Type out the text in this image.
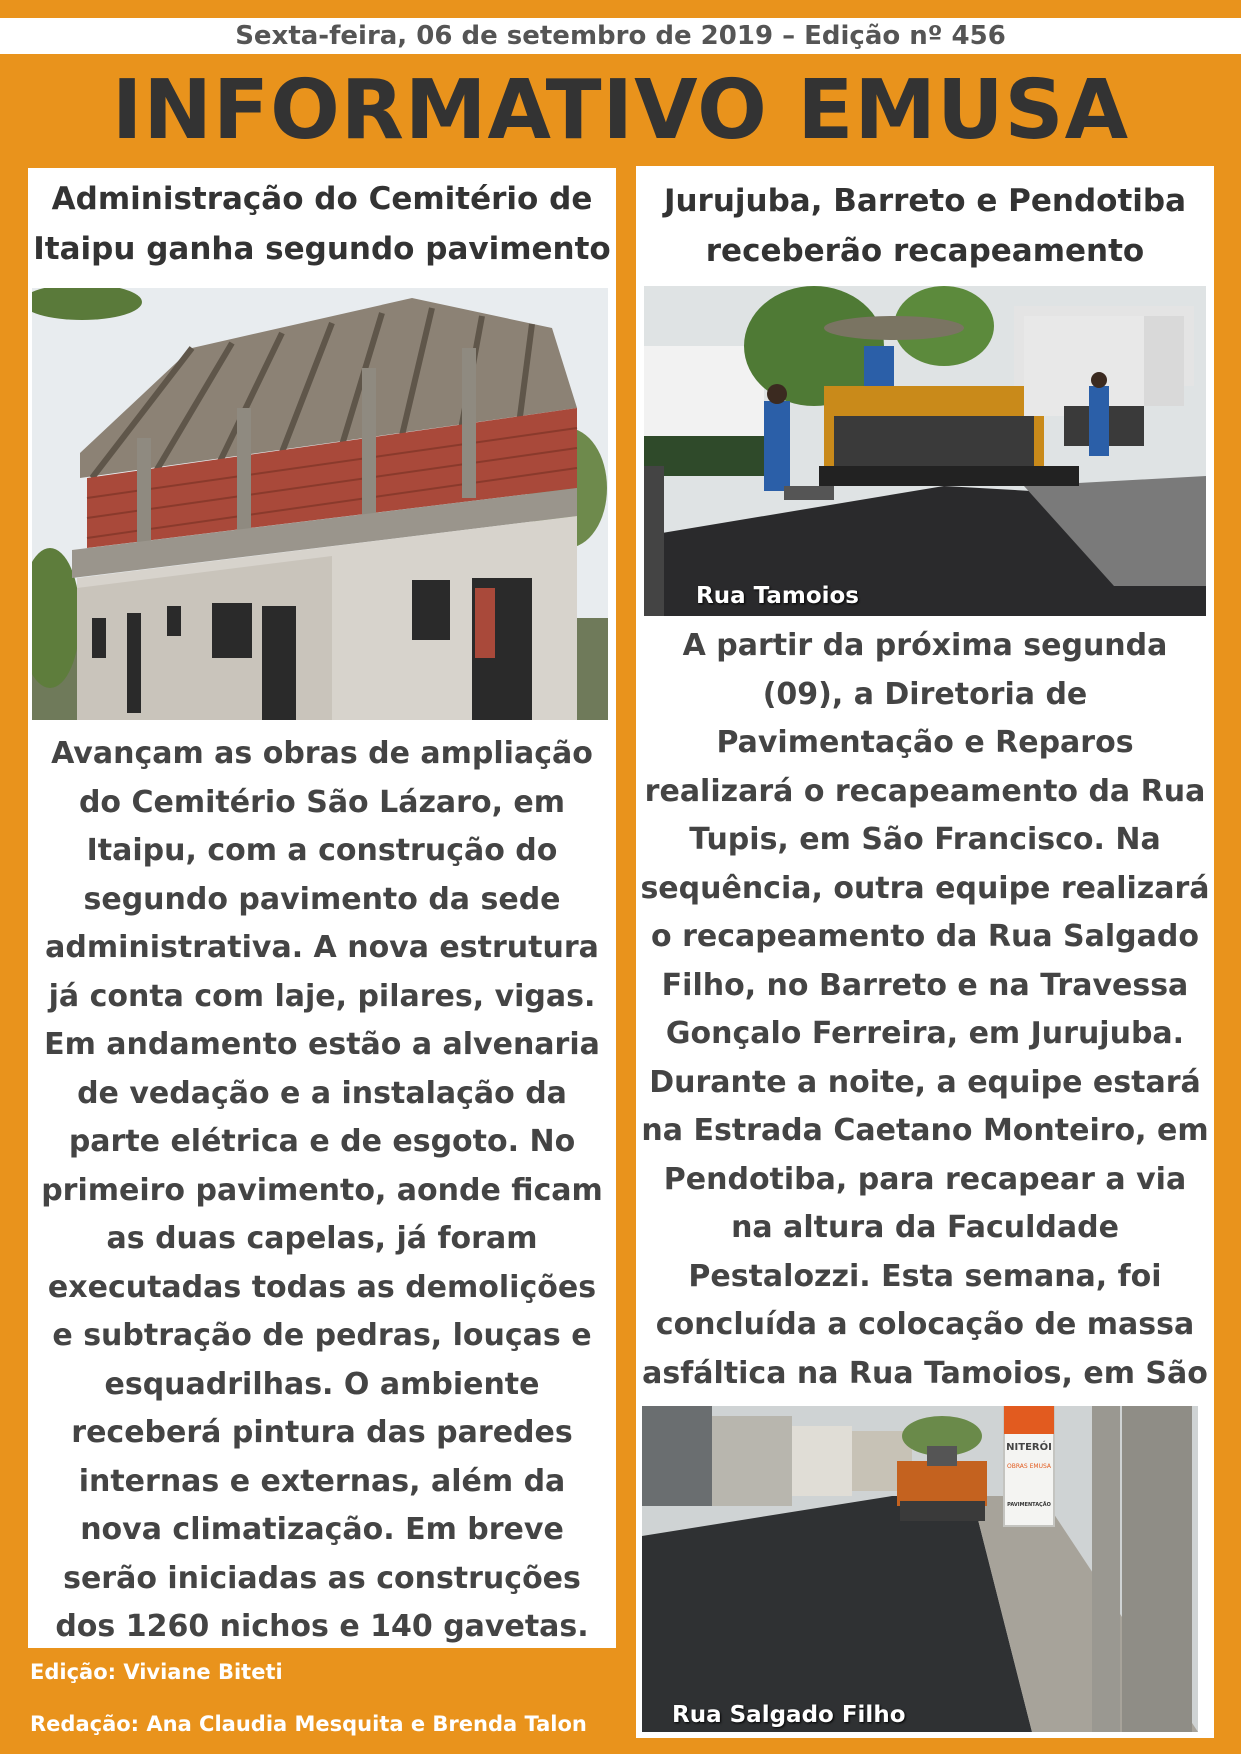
Sexta-feira, 06 de setembro de 2019 – Edição nº 456
INFORMATIVO EMUSA
Administração do Cemitério de
Itaipu ganha segundo pavimento

Avançam as obras de ampliação do Cemitério São Lázaro, em Itaipu, com a construção do segundo pavimento da sede administrativa. A nova estrutura já conta com laje, pilares, vigas. Em andamento estão a alvenaria de vedação e a instalação da parte elétrica e de esgoto. No primeiro pavimento, aonde ficam as duas capelas, já foram executadas todas as demolições e subtração de pedras, louças e esquadrilhas. O ambiente receberá pintura das paredes internas e externas, além da nova climatização. Em breve serão iniciadas as construções dos 1260 nichos e 140 gavetas.

Edição: Viviane Biteti
Redação: Ana Claudia Mesquita e Brenda Talon
Jurujuba, Barreto e Pendotiba
receberão recapeamento
Rua Tamoios

A partir da próxima segunda (09), a Diretoria de Pavimentação e Reparos realizará o recapeamento da Rua Tupis, em São Francisco. Na sequência, outra equipe realizará o recapeamento da Rua Salgado Filho, no Barreto e na Travessa Gonçalo Ferreira, em Jurujuba. Durante a noite, a equipe estará na Estrada Caetano Monteiro, em Pendotiba, para recapear a via na altura da Faculdade Pestalozzi. Esta semana, foi concluída a colocação de massa asfáltica na Rua Tamoios, em São

NITERÓI
OBRAS EMUSA
PAVIMENTAÇÃO
Rua Salgado Filho
